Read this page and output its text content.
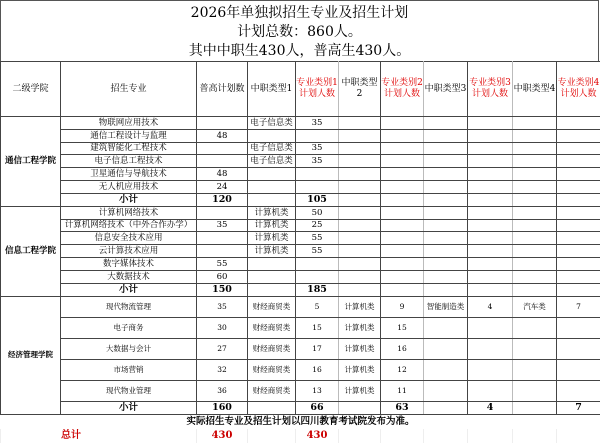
2026年单独拟招生专业及招生计划
计划总数：860人。
其中中职生430人，普高生430人。
二级学院	招生专业	普高计划数	中职类型1	专业类别1计划人数	中职类型2	专业类别2计划人数	中职类型3	专业类别3计划人数	中职类型4	专业类别4计划人数
通信工程学院	物联网应用技术		电子信息类	35						
	通信工程设计与监理	48								
	建筑智能化工程技术		电子信息类	35						
	电子信息工程技术		电子信息类	35						
	卫星通信与导航技术	48								
	无人机应用技术	24								
	小计	120		105						
信息工程学院	计算机网络技术		计算机类	50						
	计算机网络技术（中外合作办学）	35	计算机类	25						
	信息安全技术应用		计算机类	55						
	云计算技术应用		计算机类	55						
	数字媒体技术	55								
	大数据技术	60								
	小计	150		185						
经济管理学院	现代物流管理	35	财经商贸类	5	计算机类	9	智能制造类	4	汽车类	7
	电子商务	30	财经商贸类	15	计算机类	15				
	大数据与会计	27	财经商贸类	17	计算机类	16				
	市场营销	32	财经商贸类	16	计算机类	12				
	现代物业管理	36	财经商贸类	13	计算机类	11				
	小计	160		66		63		4		7
实际招生专业及招生计划以四川教育考试院发布为准。										
总计		430		430						
